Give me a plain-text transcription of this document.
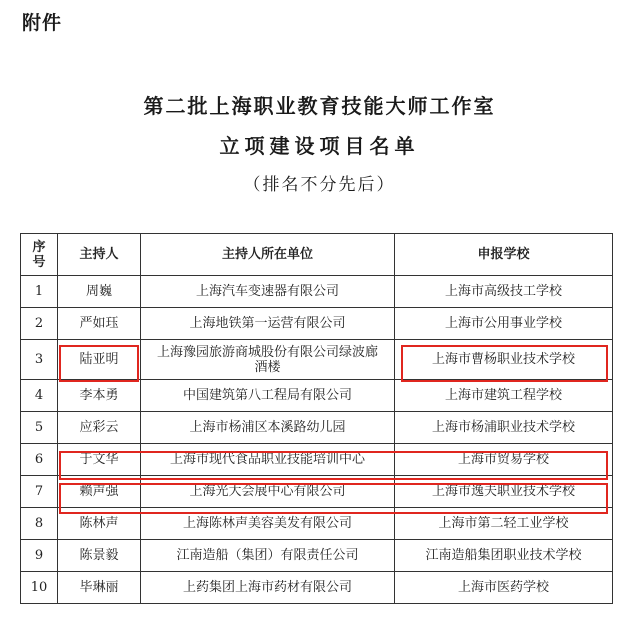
附件
第二批上海职业教育技能大师工作室
立项建设项目名单
（排名不分先后）
序号	主持人	主持人所在单位	申报学校
1	周巍	上海汽车变速器有限公司	上海市高级技工学校
2	严如珏	上海地铁第一运营有限公司	上海市公用事业学校
3	陆亚明	上海豫园旅游商城股份有限公司绿波廊酒楼	上海市曹杨职业技术学校
4	李本勇	中国建筑第八工程局有限公司	上海市建筑工程学校
5	应彩云	上海市杨浦区本溪路幼儿园	上海市杨浦职业技术学校
6	于文华	上海市现代食品职业技能培训中心	上海市贸易学校
7	赖声强	上海光大会展中心有限公司	上海市逸夫职业技术学校
8	陈林声	上海陈林声美容美发有限公司	上海市第二轻工业学校
9	陈景毅	江南造船（集团）有限责任公司	江南造船集团职业技术学校
10	毕琳丽	上药集团上海市药材有限公司	上海市医药学校
